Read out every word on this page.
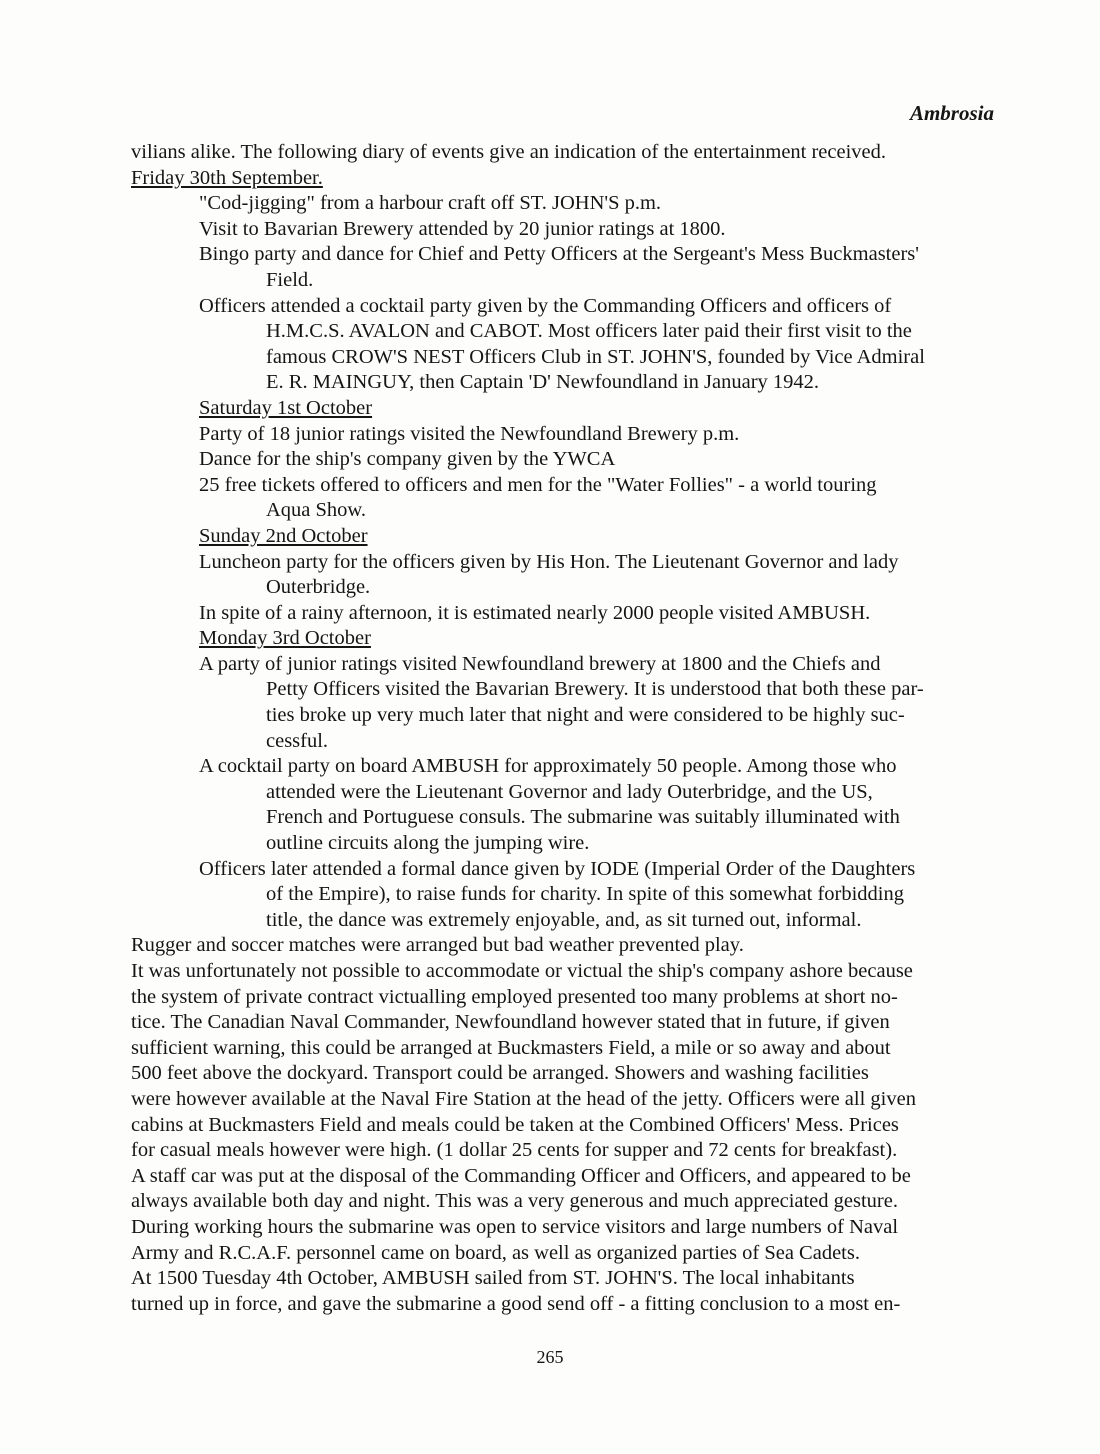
Ambrosia
vilians alike. The following diary of events give an indication of the entertainment received.
Friday 30th September.
"Cod-jigging" from a harbour craft off ST. JOHN'S p.m.
Visit to Bavarian Brewery attended by 20 junior ratings at 1800.
Bingo party and dance for Chief and Petty Officers at the Sergeant's Mess Buckmasters'
Field.
Officers attended a cocktail party given by the Commanding Officers and officers of
H.M.C.S. AVALON and CABOT. Most officers later paid their first visit to the
famous CROW'S NEST Officers Club in ST. JOHN'S, founded by Vice Admiral
E. R. MAINGUY, then Captain 'D' Newfoundland in January 1942.
Saturday 1st October
Party of 18 junior ratings visited the Newfoundland Brewery p.m.
Dance for the ship's company given by the YWCA
25 free tickets offered to officers and men for the "Water Follies" - a world touring
Aqua Show.
Sunday 2nd October
Luncheon party for the officers given by His Hon. The Lieutenant Governor and lady
Outerbridge.
In spite of a rainy afternoon, it is estimated nearly 2000 people visited AMBUSH.
Monday 3rd October
A party of junior ratings visited Newfoundland brewery at 1800 and the Chiefs and
Petty Officers visited the Bavarian Brewery. It is understood that both these par-
ties broke up very much later that night and were considered to be highly suc-
cessful.
A cocktail party on board AMBUSH for approximately 50 people. Among those who
attended were the Lieutenant Governor and lady Outerbridge, and the US,
French and Portuguese consuls. The submarine was suitably illuminated with
outline circuits along the jumping wire.
Officers later attended a formal dance given by IODE (Imperial Order of the Daughters
of the Empire), to raise funds for charity. In spite of this somewhat forbidding
title, the dance was extremely enjoyable, and, as sit turned out, informal.
Rugger and soccer matches were arranged but bad weather prevented play.
It was unfortunately not possible to accommodate or victual the ship's company ashore because
the system of private contract victualling employed presented too many problems at short no-
tice. The Canadian Naval Commander, Newfoundland however stated that in future, if given
sufficient warning, this could be arranged at Buckmasters Field, a mile or so away and about
500 feet above the dockyard. Transport could be arranged. Showers and washing facilities
were however available at the Naval Fire Station at the head of the jetty. Officers were all given
cabins at Buckmasters Field and meals could be taken at the Combined Officers' Mess. Prices
for casual meals however were high. (1 dollar 25 cents for supper and 72 cents for breakfast).
A staff car was put at the disposal of the Commanding Officer and Officers, and appeared to be
always available both day and night. This was a very generous and much appreciated gesture.
During working hours the submarine was open to service visitors and large numbers of Naval
Army and R.C.A.F. personnel came on board, as well as organized parties of Sea Cadets.
At 1500 Tuesday 4th October, AMBUSH sailed from ST. JOHN'S. The local inhabitants
turned up in force, and gave the submarine a good send off - a fitting conclusion to a most en-
265
